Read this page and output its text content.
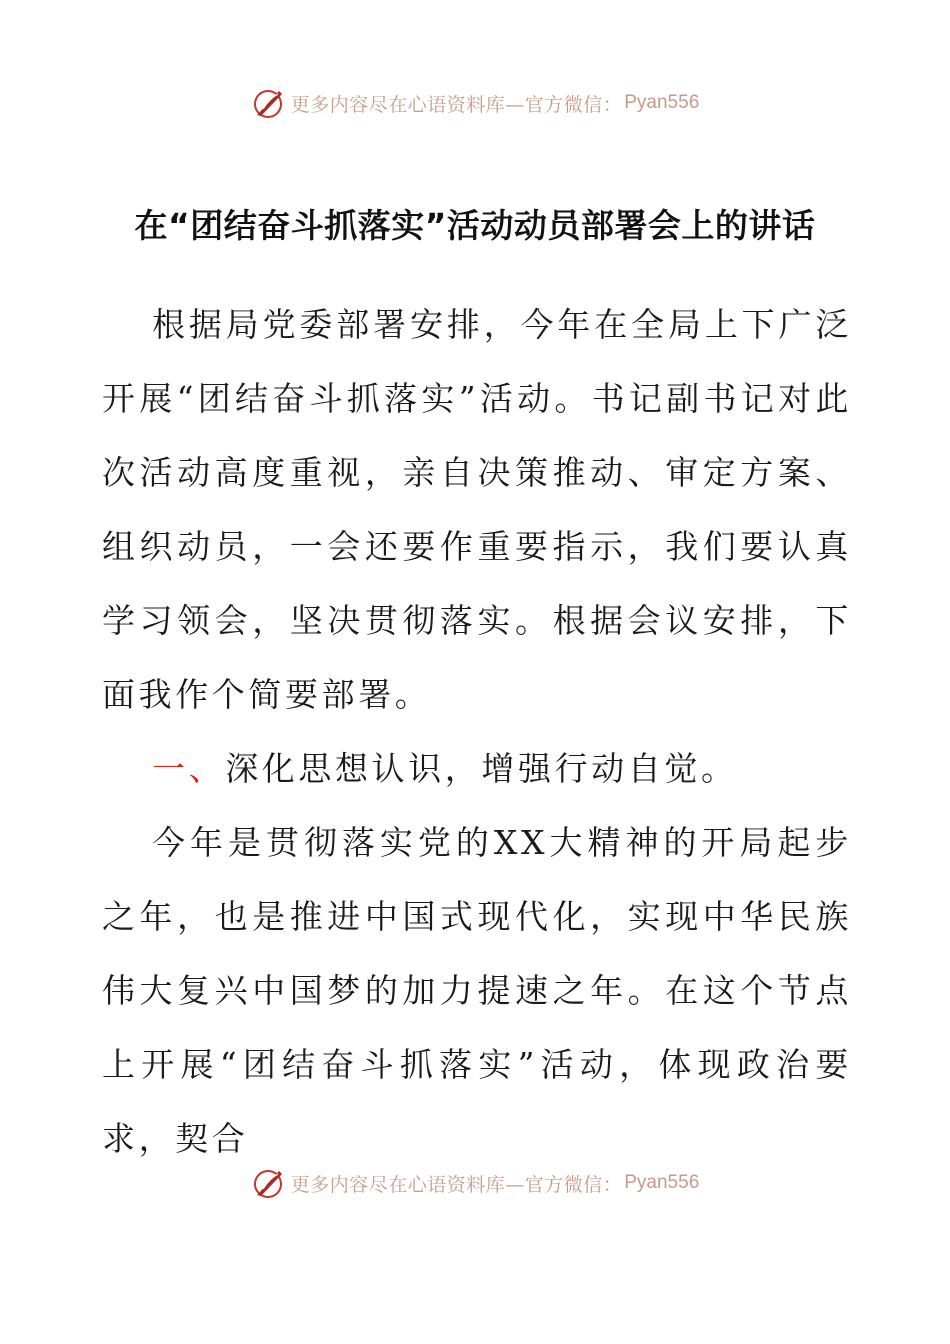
更多内容尽在心语资料库—官方微信： Pyan556
在“团结奋斗抓落实”活动动员部署会上的讲话

根据局党委部署安排，今年在全局上下广泛开展“团结奋斗抓落实”活动。书记副书记对此次活动高度重视，亲自决策推动、审定方案、组织动员，一会还要作重要指示，我们要认真学习领会，坚决贯彻落实。根据会议安排，下面我作个简要部署。

一、深化思想认识，增强行动自觉。

今年是贯彻落实党的XX大精神的开局起步之年，也是推进中国式现代化，实现中华民族伟大复兴中国梦的加力提速之年。在这个节点上开展“团结奋斗抓落实”活动，体现政治要求，契合

更多内容尽在心语资料库—官方微信： Pyan556
